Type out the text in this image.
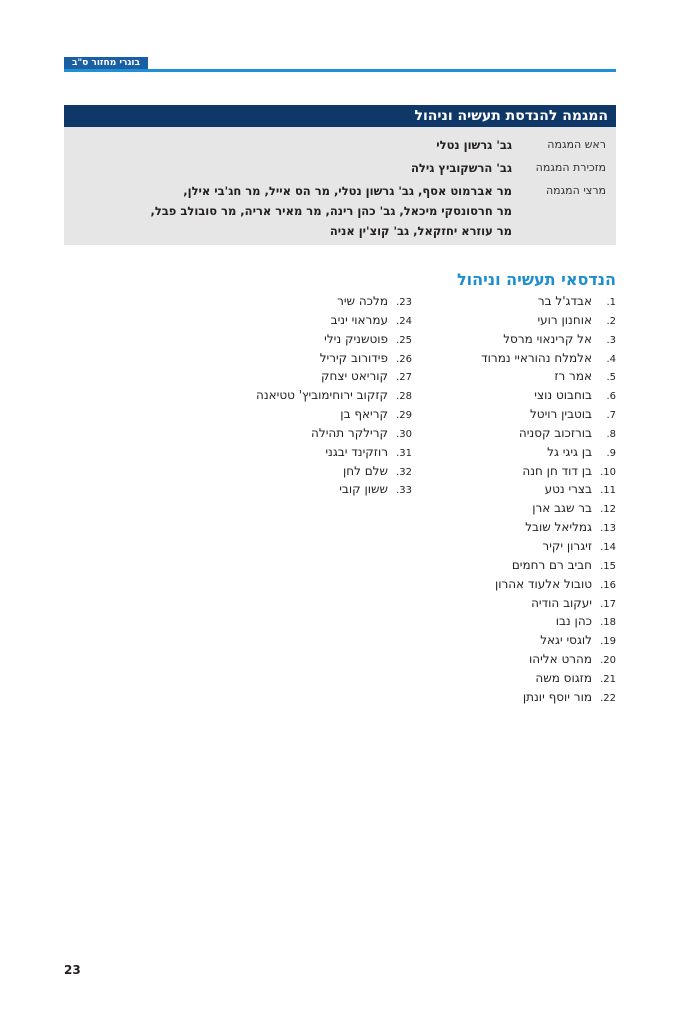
בוגרי מחזור ס"ב
המגמה להנדסת תעשיה וניהול
ראש המגמה
גב' גרשון נטלי
מזכירת המגמה
גב' הרשקוביץ גילה
מרצי המגמה
מר אברמוט אסף, גב' גרשון נטלי, מר הס אייל, מר חג'בי אילן,
מר חרסונסקי מיכאל, גב' כהן רינה, מר מאיר אריה, מר סובולב פבל,
מר עוזרא יחזקאל, גב' קוצ'ין אניה
הנדסאי תעשיה וניהול
1.אבדג'ל בר
2.אוחנון רועי
3.אל קרינאוי מרסל
4.אלמלח נהוראיי נמרוד
5.אמר רז
6.בוחבוט נוצי
7.בוטבין רויטל
8.בורזכוב קסניה
9.בן גיגי גל
10.בן דוד חן חנה
11.בצרי נטע
12.בר שגב ארן
13.גמליאל שובל
14.זיגרון יקיר
15.חביב רם רחמים
16.טובול אלעוד אהרון
17.יעקוב הודיה
18.כהן נבו
19.לוגסי יגאל
20.מהרט אליהו
21.מזגוס משה
22.מור יוסף יונתן
23.מלכה שיר
24.עמראוי יניב
25.פוטשניק נילי
26.פידורוב קיריל
27.קוריאט יצחק
28.קזקוב ירוחימוביץ' טטיאנה
29.קריאף בן
30.קרילקר תהילה
31.רוזקינד יבגני
32.שלם לחן
33.ששון קובי
23
